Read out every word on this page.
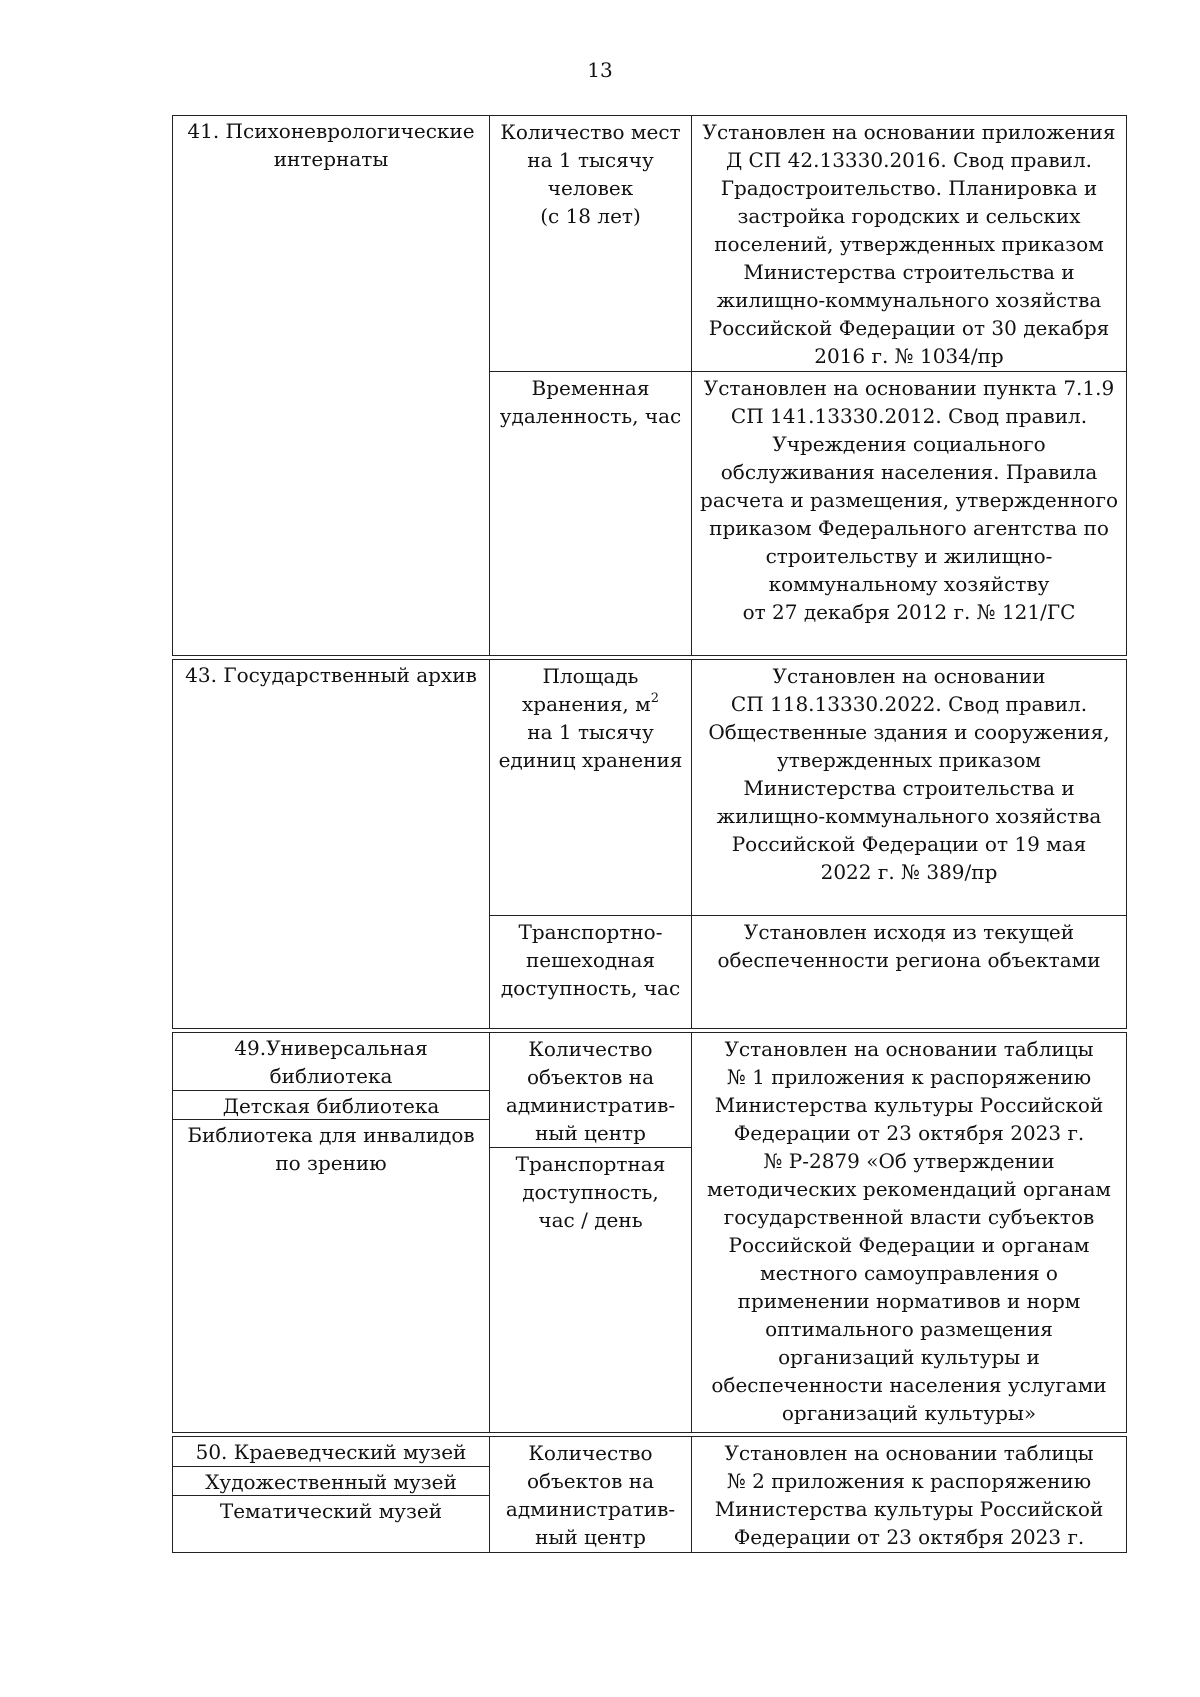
13
41. Психоневрологические
интернаты
Количество мест
на 1 тысячу
человек
(с 18 лет)
Временная
удаленность, час
Установлен на основании приложения
Д СП 42.13330.2016. Свод правил.
Градостроительство. Планировка и
застройка городских и сельских
поселений, утвержденных приказом
Министерства строительства и
жилищно-коммунального хозяйства
Российской Федерации от 30 декабря
2016 г. № 1034/пр
Установлен на основании пункта 7.1.9
СП 141.13330.2012. Свод правил.
Учреждения социального
обслуживания населения. Правила
расчета и размещения, утвержденного
приказом Федерального агентства по
строительству и жилищно-
коммунальному хозяйству
от 27 декабря 2012 г. № 121/ГС
43. Государственный архив	Площадь
хранения, $м^2$
на 1 тысячу
единиц хранения
Транспортно-
пешеходная
доступность, час
Установлен на основании
СП 118.13330.2022. Свод правил.
Общественные здания и сооружения,
утвержденных приказом
Министерства строительства и
жилищно-коммунального хозяйства
Российской Федерации от 19 мая
2022 г. № 389/пр
Установлен исходя из текущей
обеспеченности региона объектами
49.Универсальная
библиотека
Детская библиотека
Библиотека для инвалидов
по зрению
Количество
объектов на
административ-
ный центр
Транспортная
доступность,
час / день
Установлен на основании таблицы
№ 1 приложения к распоряжению
Министерства культуры Российской
Федерации от 23 октября 2023 г.
№ Р-2879 «Об утверждении
методических рекомендаций органам
государственной власти субъектов
Российской Федерации и органам
местного самоуправления о
применении нормативов и норм
оптимального размещения
организаций культуры и
обеспеченности населения услугами
организаций культуры»
50. Краеведческий музей
Художественный музей
Тематический музей
Количество
объектов на
административ-
ный центр
Установлен на основании таблицы
№ 2 приложения к распоряжению
Министерства культуры Российской
Федерации от 23 октября 2023 г.
